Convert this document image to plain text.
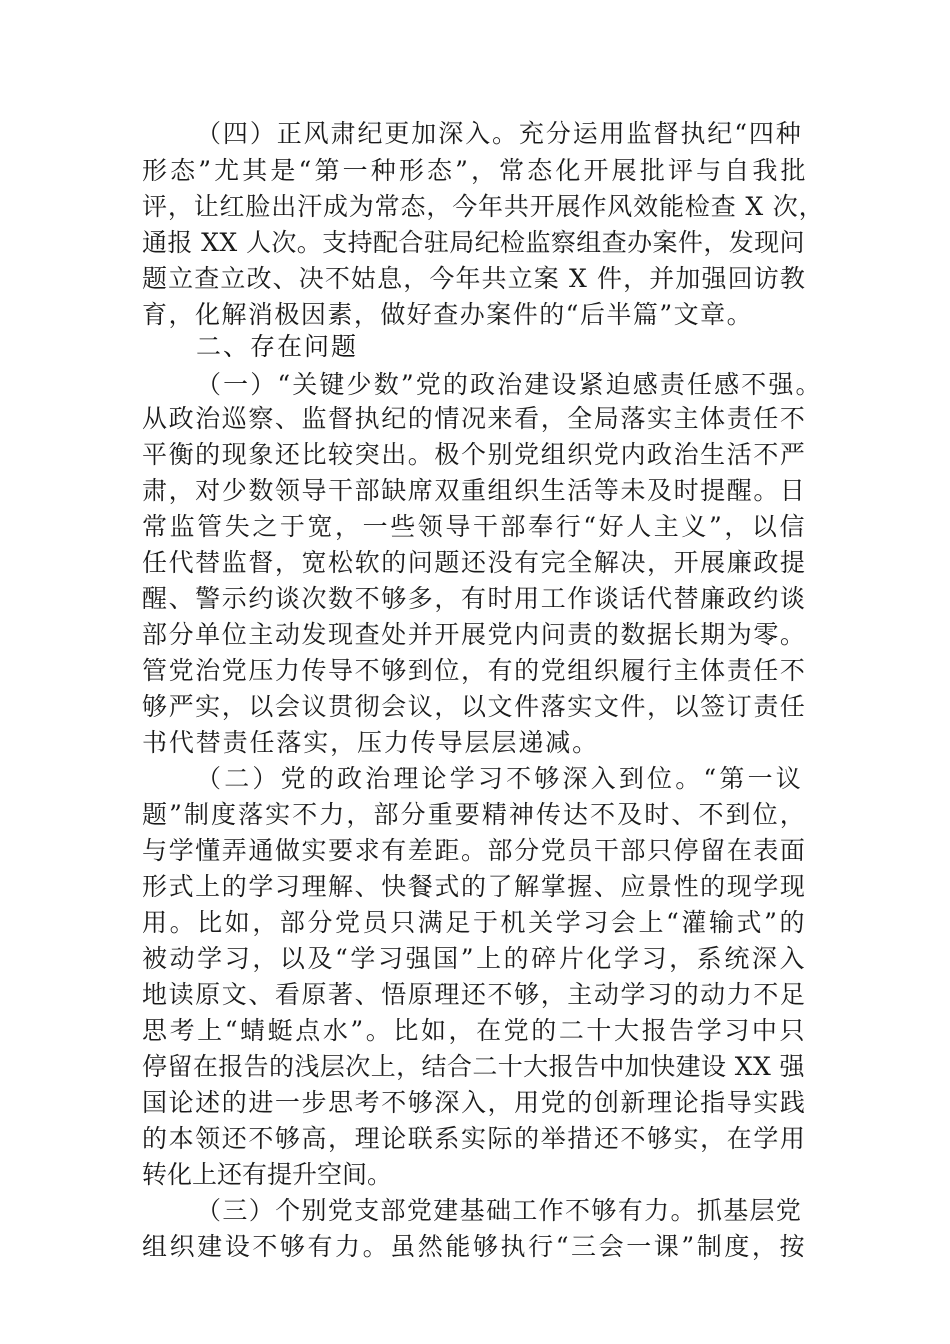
（四）正风肃纪更加深入。充分运用监督执纪“四种
形态”尤其是“第一种形态”，常态化开展批评与自我批
评，让红脸出汗成为常态，今年共开展作风效能检查 X 次，
通报 XX 人次。支持配合驻局纪检监察组查办案件，发现问
题立查立改、决不姑息，今年共立案 X 件，并加强回访教
育，化解消极因素，做好查办案件的“后半篇”文章。
二、存在问题
（一）“关键少数”党的政治建设紧迫感责任感不强。
从政治巡察、监督执纪的情况来看，全局落实主体责任不
平衡的现象还比较突出。极个别党组织党内政治生活不严
肃，对少数领导干部缺席双重组织生活等未及时提醒。日
常监管失之于宽，一些领导干部奉行“好人主义”，以信
任代替监督，宽松软的问题还没有完全解决，开展廉政提
醒、警示约谈次数不够多，有时用工作谈话代替廉政约谈
部分单位主动发现查处并开展党内问责的数据长期为零。
管党治党压力传导不够到位，有的党组织履行主体责任不
够严实，以会议贯彻会议，以文件落实文件，以签订责任
书代替责任落实，压力传导层层递减。
（二）党的政治理论学习不够深入到位。“第一议
题”制度落实不力，部分重要精神传达不及时、不到位，
与学懂弄通做实要求有差距。部分党员干部只停留在表面
形式上的学习理解、快餐式的了解掌握、应景性的现学现
用。比如，部分党员只满足于机关学习会上“灌输式”的
被动学习，以及“学习强国”上的碎片化学习，系统深入
地读原文、看原著、悟原理还不够，主动学习的动力不足
思考上“蜻蜓点水”。比如，在党的二十大报告学习中只
停留在报告的浅层次上，结合二十大报告中加快建设 XX 强
国论述的进一步思考不够深入，用党的创新理论指导实践
的本领还不够高，理论联系实际的举措还不够实，在学用
转化上还有提升空间。
（三）个别党支部党建基础工作不够有力。抓基层党
组织建设不够有力。虽然能够执行“三会一课”制度，按
